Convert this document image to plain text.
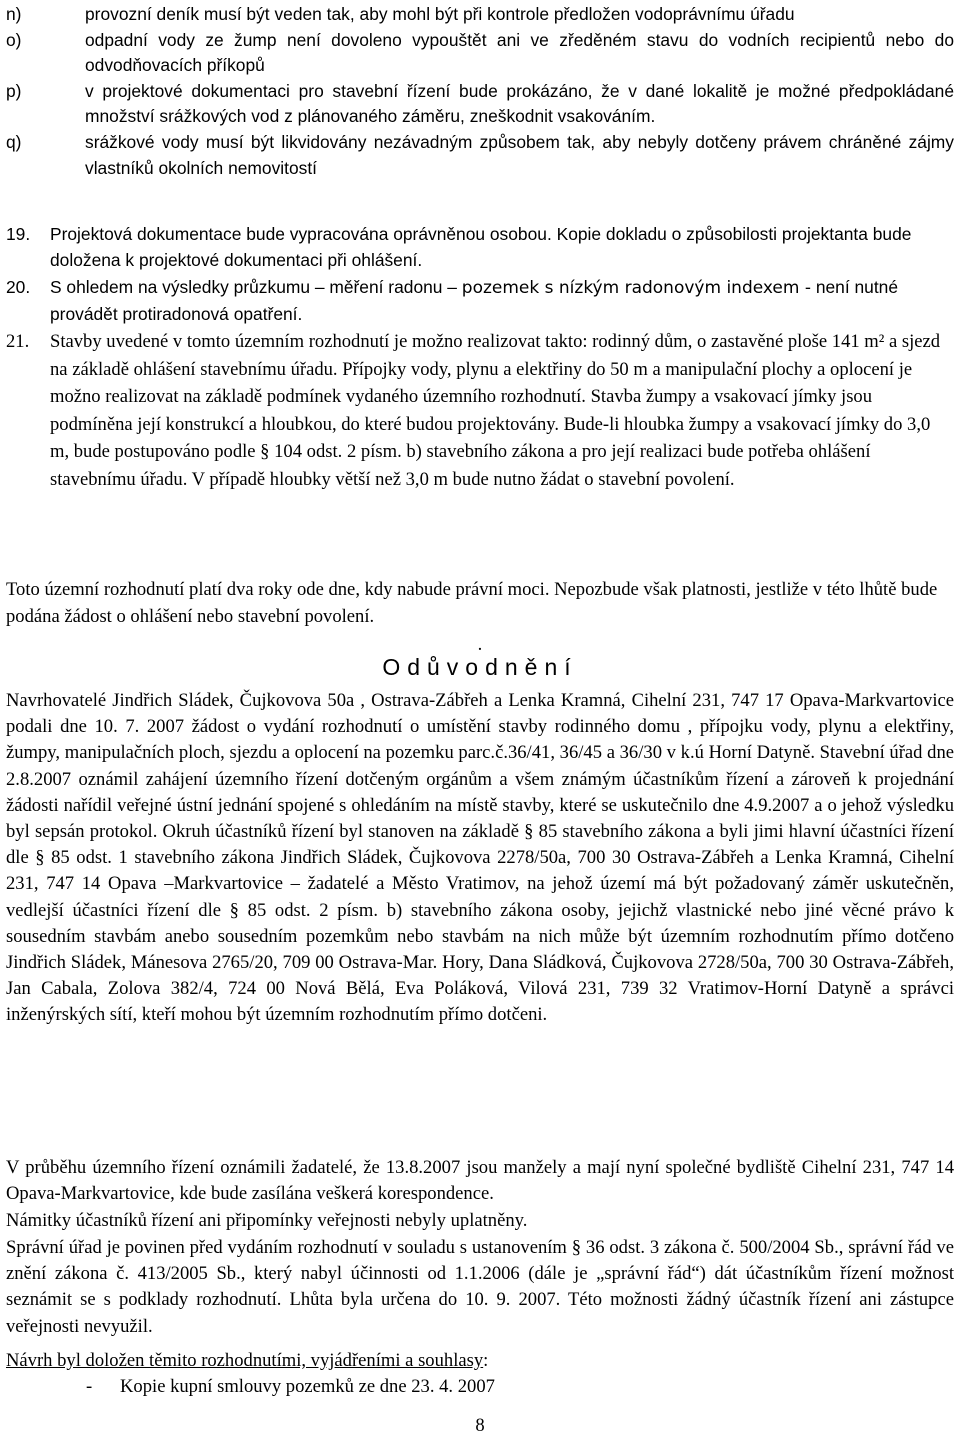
n)	provozní deník musí být veden tak, aby mohl být při kontrole předložen vodoprávnímu úřadu
o)	odpadní vody ze žump není dovoleno vypouštět ani ve zředěném stavu do vodních recipientů nebo do odvodňovacích příkopů
p)	v projektové dokumentaci pro stavební řízení bude prokázáno, že v dané lokalitě je možné předpokládané množství srážkových vod z plánovaného záměru, zneškodnit vsakováním.
q)	srážkové vody musí být likvidovány nezávadným způsobem tak, aby nebyly dotčeny právem chráněné zájmy vlastníků okolních nemovitostí
19.	Projektová dokumentace bude vypracována oprávněnou osobou. Kopie dokladu o způsobilosti projektanta bude doložena k projektové dokumentaci při ohlášení.
20.	S ohledem na výsledky průzkumu – měření radonu – pozemek s nízkým radonovým indexem - není nutné provádět protiradonová opatření.
21.	Stavby uvedené v tomto územním rozhodnutí je možno realizovat takto: rodinný dům, o zastavěné ploše 141 m² a sjezd na základě ohlášení stavebnímu úřadu. Přípojky vody, plynu a elektřiny do 50 m a manipulační plochy a oplocení je možno realizovat na základě podmínek vydaného územního rozhodnutí. Stavba žumpy a vsakovací jímky jsou podmíněna její konstrukcí a hloubkou, do které budou projektovány. Bude-li hloubka žumpy a vsakovací jímky do 3,0 m, bude postupováno podle § 104 odst. 2 písm. b) stavebního zákona a pro její realizaci bude potřeba ohlášení stavebnímu úřadu. V případě hloubky větší než 3,0 m bude nutno žádat o stavební povolení.
Toto územní rozhodnutí platí dva roky ode dne, kdy nabude právní moci. Nepozbude však platnosti, jestliže v této lhůtě bude podána žádost o ohlášení nebo stavební povolení.
.
Odůvodnění
Navrhovatelé Jindřich Sládek, Čujkovova 50a , Ostrava-Zábřeh a Lenka Kramná, Cihelní 231, 747 17 Opava-Markvartovice podali dne 10. 7. 2007 žádost o vydání rozhodnutí o umístění stavby rodinného domu , přípojku vody, plynu a elektřiny, žumpy, manipulačních ploch, sjezdu a oplocení na pozemku parc.č.36/41, 36/45 a 36/30 v k.ú Horní Datyně. Stavební úřad dne 2.8.2007 oznámil zahájení územního řízení dotčeným orgánům a všem známým účastníkům řízení a zároveň k projednání žádosti nařídil veřejné ústní jednání spojené s ohledáním na místě stavby, které se uskutečnilo dne 4.9.2007 a o jehož výsledku byl sepsán protokol. Okruh účastníků řízení byl stanoven na základě § 85 stavebního zákona a byli jimi hlavní účastníci řízení dle § 85 odst. 1 stavebního zákona Jindřich Sládek, Čujkovova 2278/50a, 700 30 Ostrava-Zábřeh a Lenka Kramná, Cihelní 231, 747 14 Opava –Markvartovice – žadatelé a Město Vratimov, na jehož území má být požadovaný záměr uskutečněn, vedlejší účastníci řízení dle § 85 odst. 2 písm. b) stavebního zákona osoby, jejichž vlastnické nebo jiné věcné právo k sousedním stavbám anebo sousedním pozemkům nebo stavbám na nich může být územním rozhodnutím přímo dotčeno Jindřich Sládek, Mánesova 2765/20, 709 00 Ostrava-Mar. Hory, Dana Sládková, Čujkovova 2728/50a, 700 30 Ostrava-Zábřeh, Jan Cabala, Zolova 382/4, 724 00 Nová Bělá, Eva Poláková, Vilová 231, 739 32 Vratimov-Horní Datyně a správci inženýrských sítí, kteří mohou být územním rozhodnutím přímo dotčeni.
V průběhu územního řízení oznámili žadatelé, že 13.8.2007 jsou manžely a mají nyní společné bydliště Cihelní 231, 747 14 Opava-Markvartovice, kde bude zasílána veškerá korespondence.
Námitky účastníků řízení ani připomínky veřejnosti nebyly uplatněny.
Správní úřad je povinen před vydáním rozhodnutí v souladu s ustanovením § 36 odst. 3 zákona č. 500/2004 Sb., správní řád ve znění zákona č. 413/2005 Sb., který nabyl účinnosti od 1.1.2006 (dále je „správní řád“) dát účastníkům řízení možnost seznámit se s podklady rozhodnutí. Lhůta byla určena do 10. 9. 2007. Této možnosti žádný účastník řízení ani zástupce veřejnosti nevyužil.
Návrh byl doložen těmito rozhodnutími, vyjádřeními a souhlasy:
-	Kopie kupní smlouvy pozemků ze dne 23. 4. 2007
8
